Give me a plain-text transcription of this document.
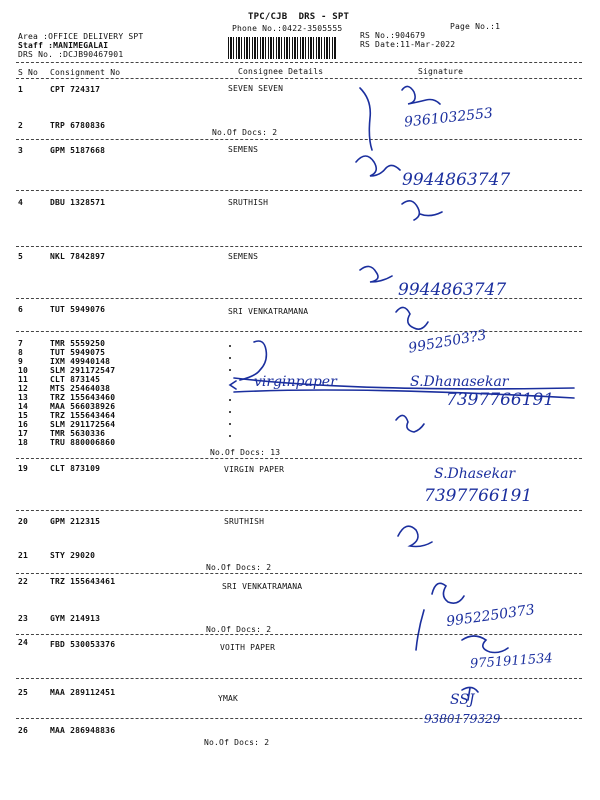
TPC/CJB  DRS - SPT
Phone No.:0422-3505555	Page No.:1
Area :OFFICE DELIVERY SPT
Staff :MANIMEGALAI
DRS No. :DCJB90467901
RS No.:904679
RS Date:11-Mar-2022
S No Consignment No	Consignee Details	Signature
1	CPT 724317	SEVEN SEVEN
2	TRP 6780836
No.Of Docs: 2
3	GPM 5187668	SEMENS
4	DBU 1328571	SRUTHISH
5	NKL 7842897	SEMENS
6	TUT 5949076	SRI VENKATRAMANA
7	TMR 5559250
8	TUT 5949075
9	IXM 49940148
10	SLM 291172547
11	CLT 873145
12	MTS 25464038
13	TRZ 155643460
14	MAA 566038926
15	TRZ 155643464
16	SLM 291172564
17	TMR 5630336
18	TRU 880006860
No.Of Docs: 13
19	CLT 873109	VIRGIN PAPER
20	GPM 212315	SRUTHISH
21	STY 29020
No.Of Docs: 2
22	TRZ 155643461
SRI VENKATRAMANA
23	GYM 214913
No.Of Docs: 2
24	FBD 530053376	VOITH PAPER
25	MAA 289112451
YMAK
26	MAA 286948836
No.Of Docs: 2
9361032553
9944863747
9944863747
9952503?3
virginpaper	S.Dhanasekar
7397766191
S.Dhasekar
7397766191
9952250373
9751911534
SSJ
9380179329
